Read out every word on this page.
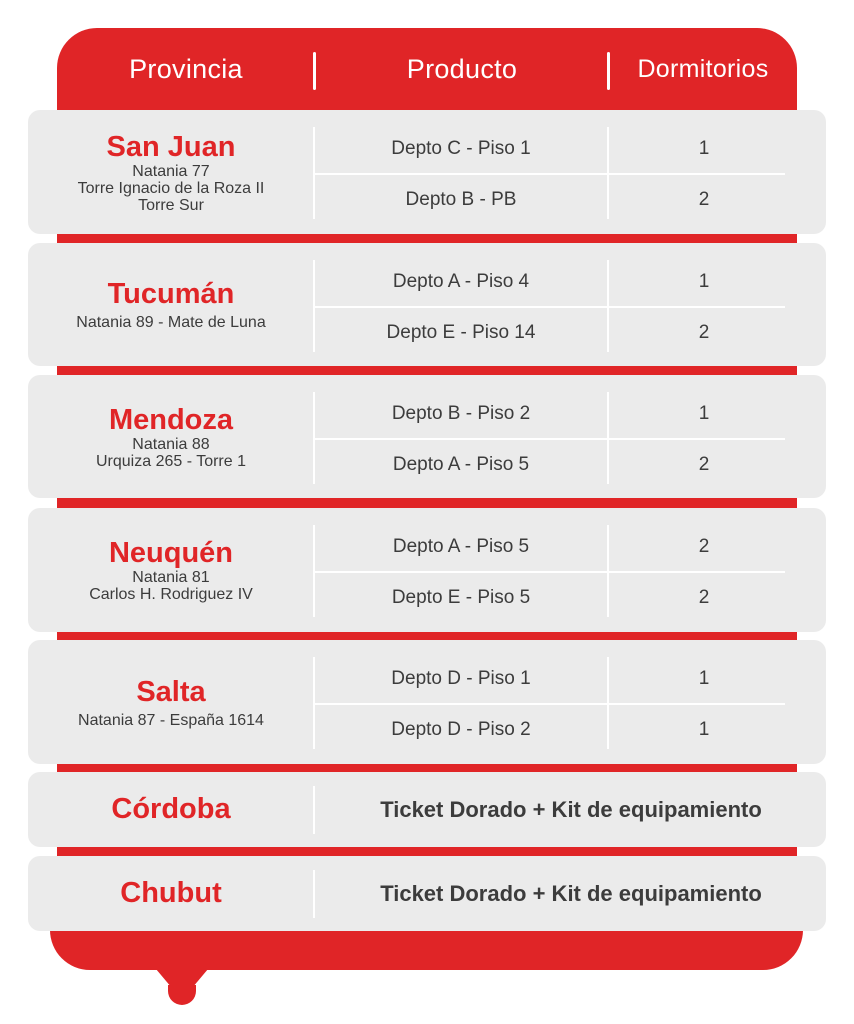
Provincia	Producto	Dormitorios
San Juan
Natania 77
Torre Ignacio de la Roza II
Torre Sur
Depto C - Piso 1	1
Depto B - PB	2
Tucumán
Natania 89 - Mate de Luna
Depto A - Piso 4	1
Depto E - Piso 14	2
Mendoza
Natania 88
Urquiza 265 - Torre 1
Depto B - Piso 2	1
Depto A - Piso 5	2
Neuquén
Natania 81
Carlos H. Rodriguez IV
Depto A - Piso 5	2
Depto E - Piso 5	2
Salta
Natania 87 - España 1614
Depto D - Piso 1	1
Depto D - Piso 2	1
Córdoba	Ticket Dorado + Kit de equipamiento
Chubut	Ticket Dorado + Kit de equipamiento
